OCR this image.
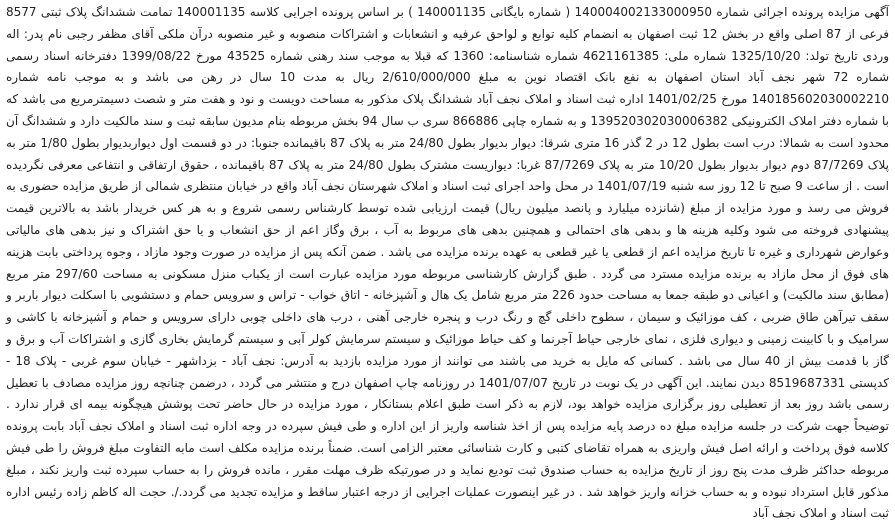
آگهی مزایده پرونده اجرائی شماره 140004002133000950 ( شماره بایگانی 140001135 ) بر اساس پرونده اجرایی کلاسه 140001135 تمامت ششدانگ پلاک ثبتی 8577 فرعی از 87 اصلی واقع در بخش 12 ثبت اصفهان به انضمام کلیه توابع و لواحق عرفیه و انشعابات و اشتراکات منصوبه و غیر منصوبه درآن ملکی آقای مظفر رجبی نام پدر: اله وردی تاریخ تولد: 1325/10/20 شماره ملی: 4621161385 شماره شناسنامه: 1360 که قبلا به موجب سند رهنی شماره 43525 مورخ 1399/08/22 دفترخانه اسناد رسمی شماره 72 شهر نجف آباد استان اصفهان به نفع بانک اقتصاد نوین به مبلغ 2/610/000/000 ریال به مدت 10 سال در رهن می باشد و به موجب نامه شماره 140185602030002210 مورخ 1401/02/25 اداره ثبت اسناد و املاک نجف آباد ششدانگ پلاک مذکور به مساحت دویست و نود و هفت متر و شصت دسیمترمربع می باشد که با شماره دفتر املاک الکترونیکی 139520302030006382 و به شماره چاپی 866886 سری ب سال 94 بخش مربوطه بنام مدیون سابقه ثبت و سند مالکیت دارد و ششدانگ آن محدود است به شمالا: درب است بطول 12 در 2 گذر 16 متری شرقا: دیوار بدیوار بطول 24/80 متر به پلاک 87 باقیمانده جنوبا: در دو قسمت اول دیواربدیوار بطول 1/80 متر به پلاک 87/7269 دوم دیوار بدیوار بطول 10/20 متر به پلاک 87/7269 غربا: دیواریست مشترک بطول 24/80 متر به پلاک 87 باقیمانده ، حقوق ارتفاقی و انتفاعی معرفی نگردیده است . از ساعت 9 صبح تا 12 روز سه شنبه 1401/07/19 در محل واحد اجرای ثبت اسناد و املاک شهرستان نجف آباد واقع در خیابان منتظری شمالی از طریق مزایده حضوری به فروش می رسد و مورد مزایده از مبلغ (شانزده میلیارد و پانصد میلیون ریال) قیمت ارزیابی شده توسط کارشناس رسمی شروع و به هر کس خریدار باشد به بالاترین قیمت پیشنهادی فروخته می شود وکلیه هزینه ها و بدهی های احتمالی و همچنین بدهی های مربوط به آب ، برق وگاز اعم از حق انشعاب و یا حق اشتراک و نیز بدهی های مالیاتی وعوارض شهرداری و غیره تا تاریخ مزایده اعم از قطعی یا غیر قطعی به عهده برنده مزایده می باشد . ضمن آنکه پس از مزایده در صورت وجود مازاد ، وجوه پرداختی بابت هزینه های فوق از محل مازاد به برنده مزایده مسترد می گردد . طبق گزارش کارشناسی مربوطه مورد مزایده عبارت است از یکباب منزل مسکونی به مساحت 297/60 متر مربع (مطابق سند مالکیت) و اعیانی دو طبقه جمعا به مساحت حدود 226 متر مربع شامل یک هال و آشپزخانه - اتاق خواب - تراس و سرویس حمام و دستشویی با اسکلت دیوار باربر و سقف تیرآهن طاق ضربی ، کف موزائیک و سیمان ، سطوح داخلی گچ و رنگ درب و پنجره خارجی آهنی ، درب های داخلی چوبی دارای سرویس و حمام و آشپزخانه با کاشی و سرامیک و با کابینت زمینی و دیواری فلزی ، نمای خارجی حیاط آجرنما و کف حیاط موزائیک و سیستم سرمایش کولر آبی و سیستم گرمایش بخاری گازی و اشتراکات آب و برق و گاز با قدمت بیش از 40 سال می باشد . کسانی که مایل به خرید می باشند می توانند از مورد مزایده بازدید به آدرس: نجف آباد - بزداشهر - خیابان سوم غربی - پلاک 18 - کدپستی 8519687331 دیدن نمایند. این آگهی در یک نوبت در تاریخ 1401/07/07 در روزنامه چاپ اصفهان درج و منتشر می گردد ، درضمن چنانچه روز مزایده مصادف با تعطیل رسمی باشد روز بعد از تعطیلی روز برگزاری مزایده خواهد بود، لازم به ذکر است طبق اعلام بستانکار ، مورد مزایده در حال حاضر تحت پوشش هیچگونه بیمه ای قرار ندارد . توضیحاً جهت شرکت در جلسه مزایده مبلغ ده درصد پایه مزایده پس از اخذ شناسه واریز از این اداره و طی فیش سپرده در وجه اداره ثبت اسناد و املاک نجف آباد بابت پرونده کلاسه فوق پرداخت و ارائه اصل فیش واریزی به همراه تقاضای کتبی و کارت شناسائی معتبر الزامی است. ضمناً برنده مزایده مکلف است مابه التفاوت مبلغ فروش را طی فیش مربوطه حداکثر ظرف مدت پنج روز از تاریخ مزایده به حساب صندوق ثبت تودیع نماید و در صورتیکه ظرف مهلت مقرر ، مانده فروش را به حساب سپرده ثبت واریز نکند ، مبلغ مذکور قابل استرداد نبوده و به حساب خزانه واریز خواهد شد . در غیر اینصورت عملیات اجرایی از درجه اعتبار ساقط و مزایده تجدید می گردد./. حجت اله کاظم زاده رئیس اداره ثبت اسناد و املاک نجف آباد
